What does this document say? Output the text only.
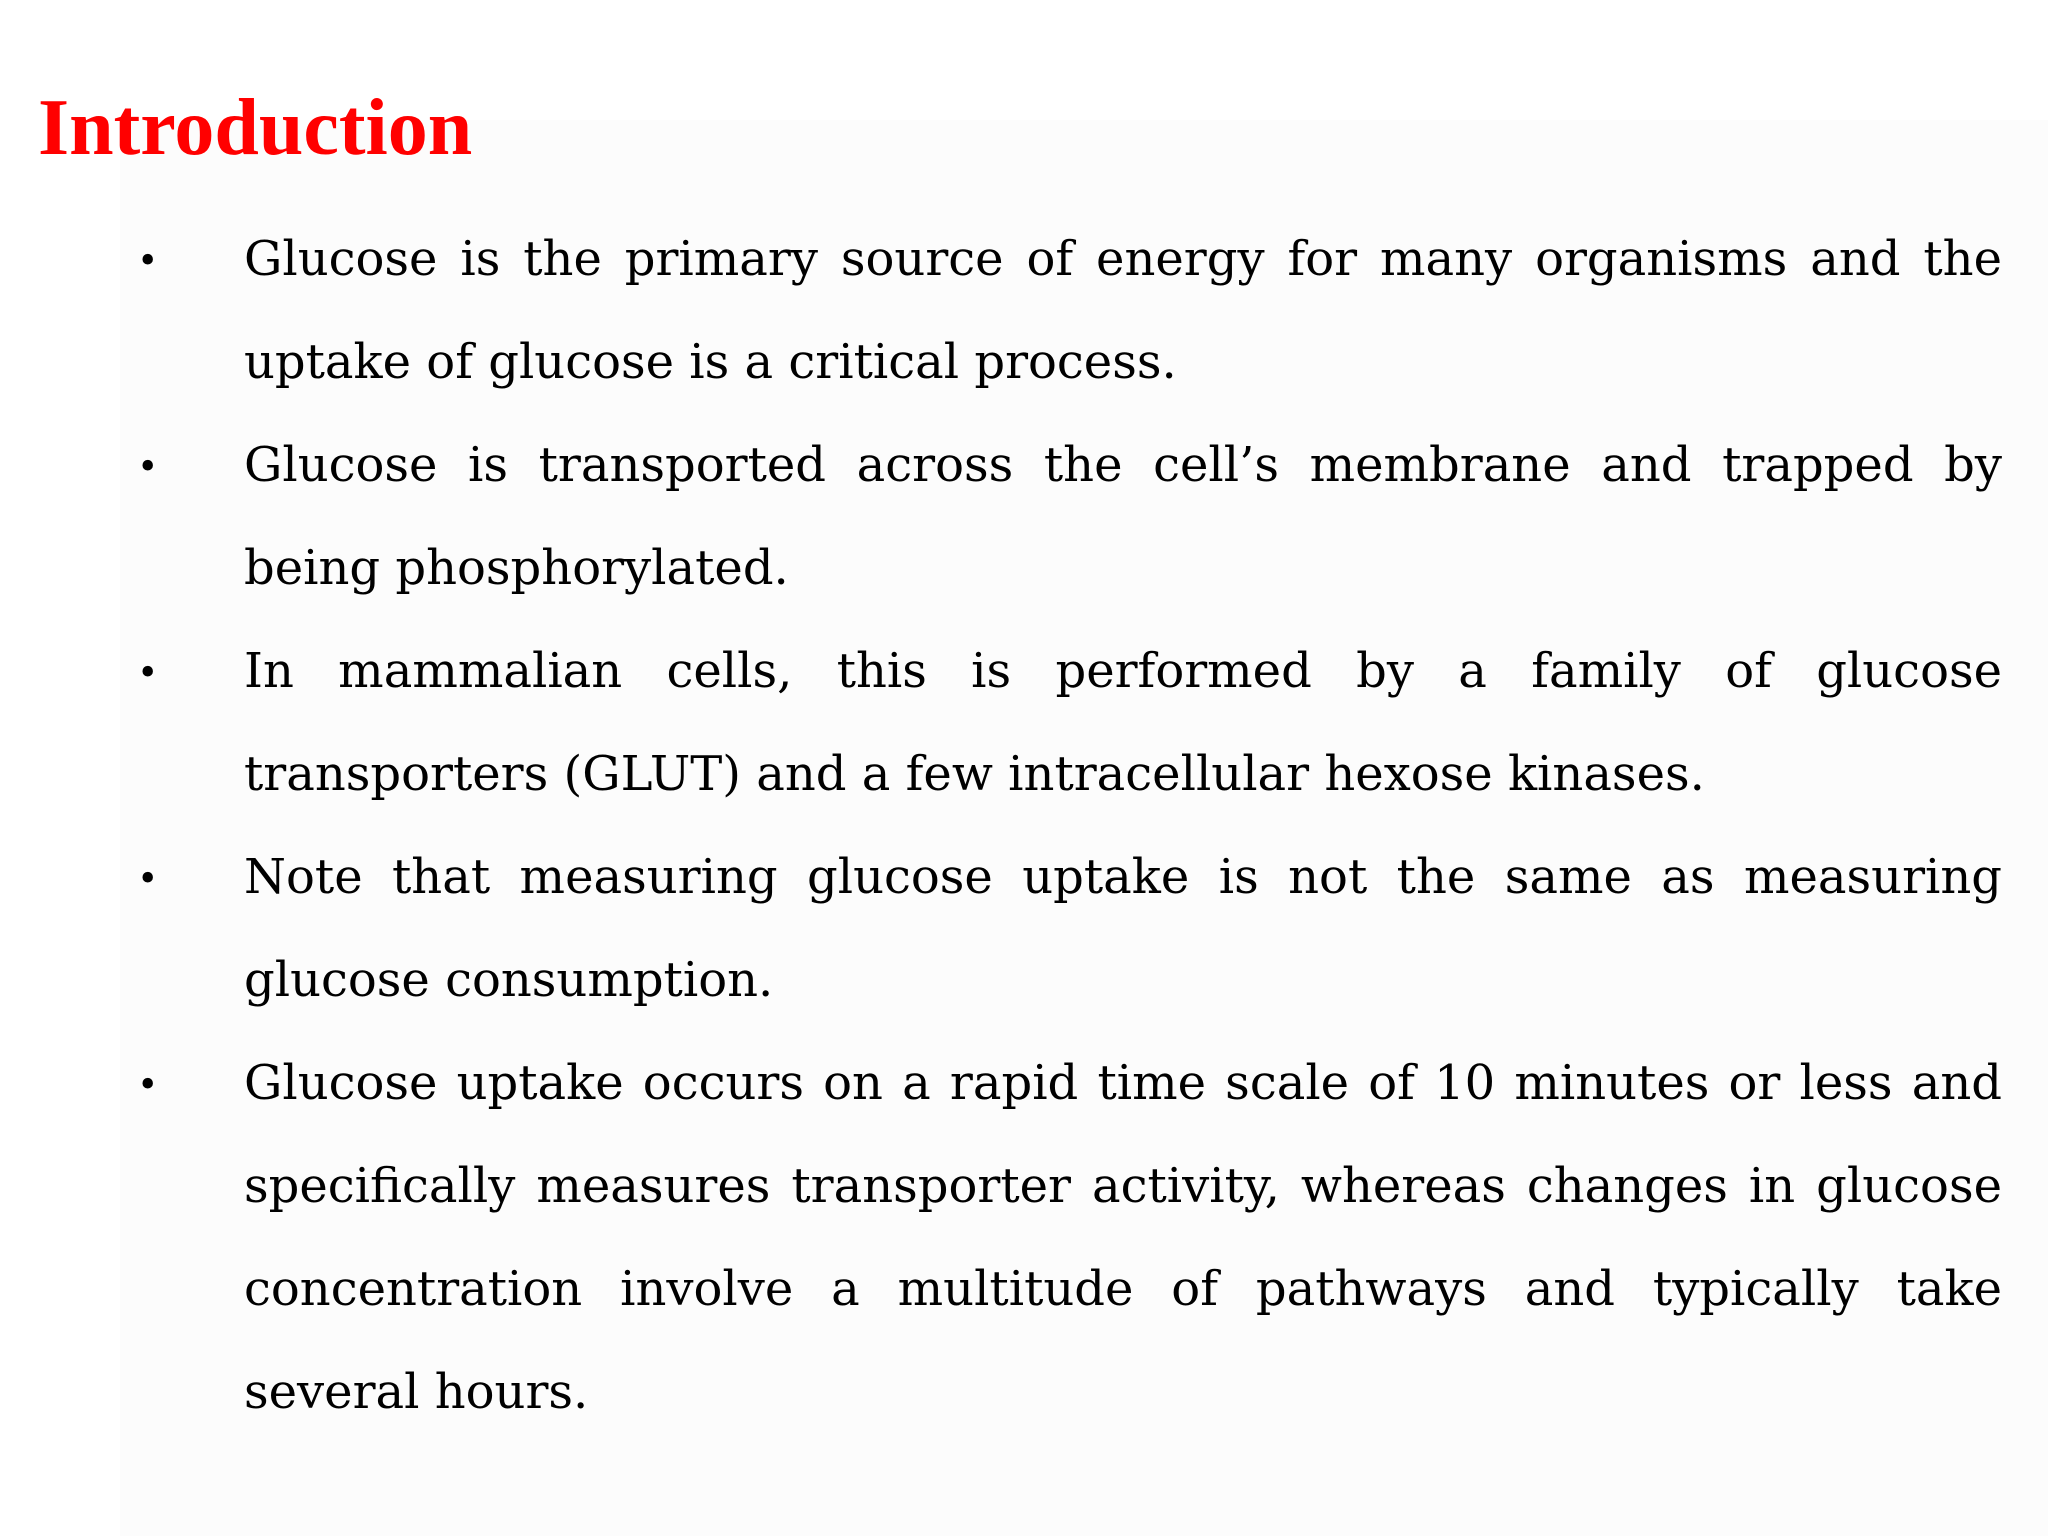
Introduction
• Glucose is the primary source of energy for many organisms and the uptake of glucose is a critical process.
• Glucose is transported across the cell’s membrane and trapped by being phosphorylated.
• In mammalian cells, this is performed by a family of glucose transporters (GLUT) and a few intracellular hexose kinases.
• Note that measuring glucose uptake is not the same as measuring glucose consumption.
• Glucose uptake occurs on a rapid time scale of 10 minutes or less and specifically measures transporter activity, whereas changes in glucose concentration involve a multitude of pathways and typically take several hours.
